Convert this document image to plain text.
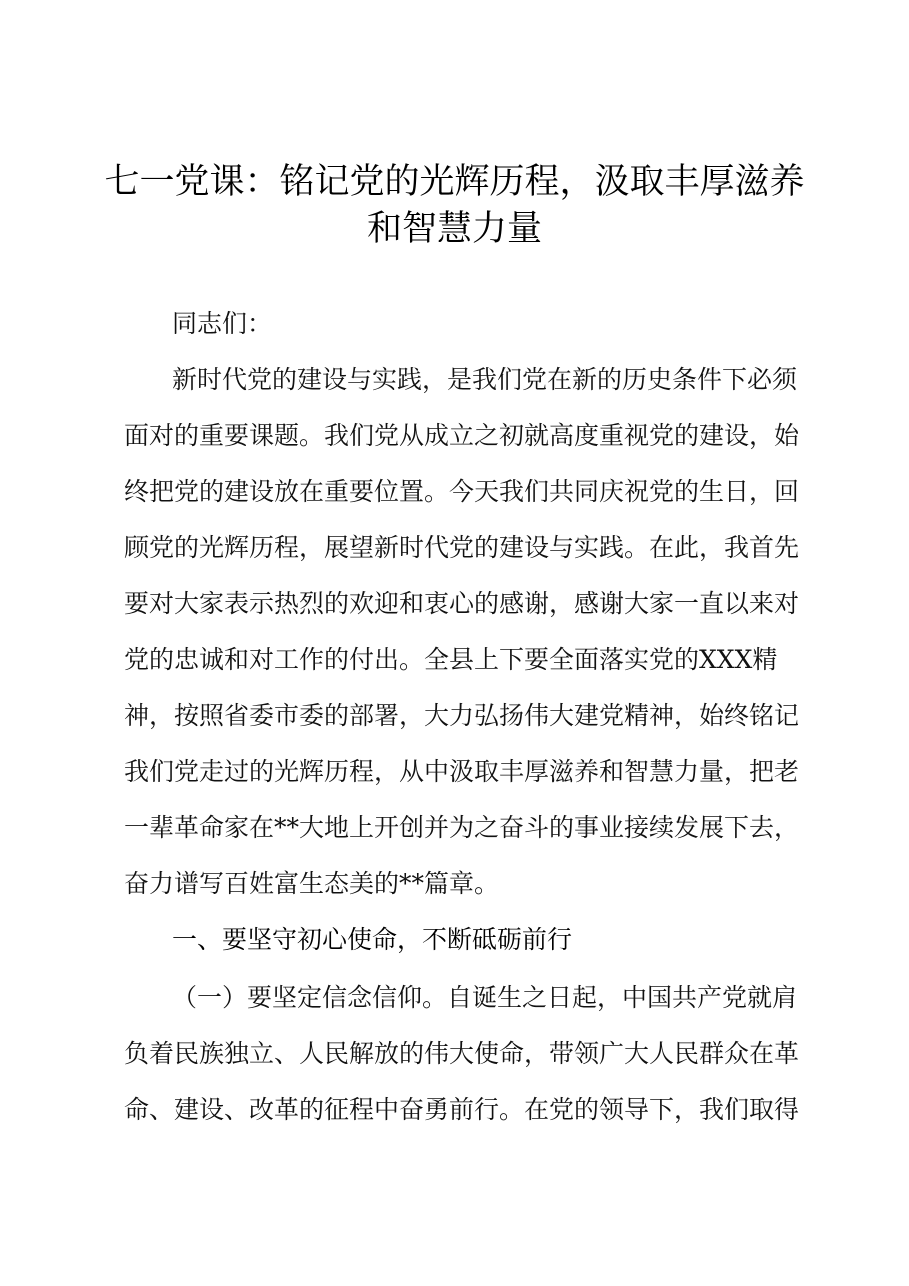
七一党课：铭记党的光辉历程，汲取丰厚滋养
和智慧力量
同志们：
新时代党的建设与实践，是我们党在新的历史条件下必须
面对的重要课题。我们党从成立之初就高度重视党的建设，始
终把党的建设放在重要位置。今天我们共同庆祝党的生日，回
顾党的光辉历程，展望新时代党的建设与实践。在此，我首先
要对大家表示热烈的欢迎和衷心的感谢，感谢大家一直以来对
党的忠诚和对工作的付出。全县上下要全面落实党的XXX精
神，按照省委市委的部署，大力弘扬伟大建党精神，始终铭记
我们党走过的光辉历程，从中汲取丰厚滋养和智慧力量，把老
一辈革命家在**大地上开创并为之奋斗的事业接续发展下去，
奋力谱写百姓富生态美的**篇章。
一、要坚守初心使命，不断砥砺前行
（一）要坚定信念信仰。自诞生之日起，中国共产党就肩
负着民族独立、人民解放的伟大使命，带领广大人民群众在革
命、建设、改革的征程中奋勇前行。在党的领导下，我们取得
